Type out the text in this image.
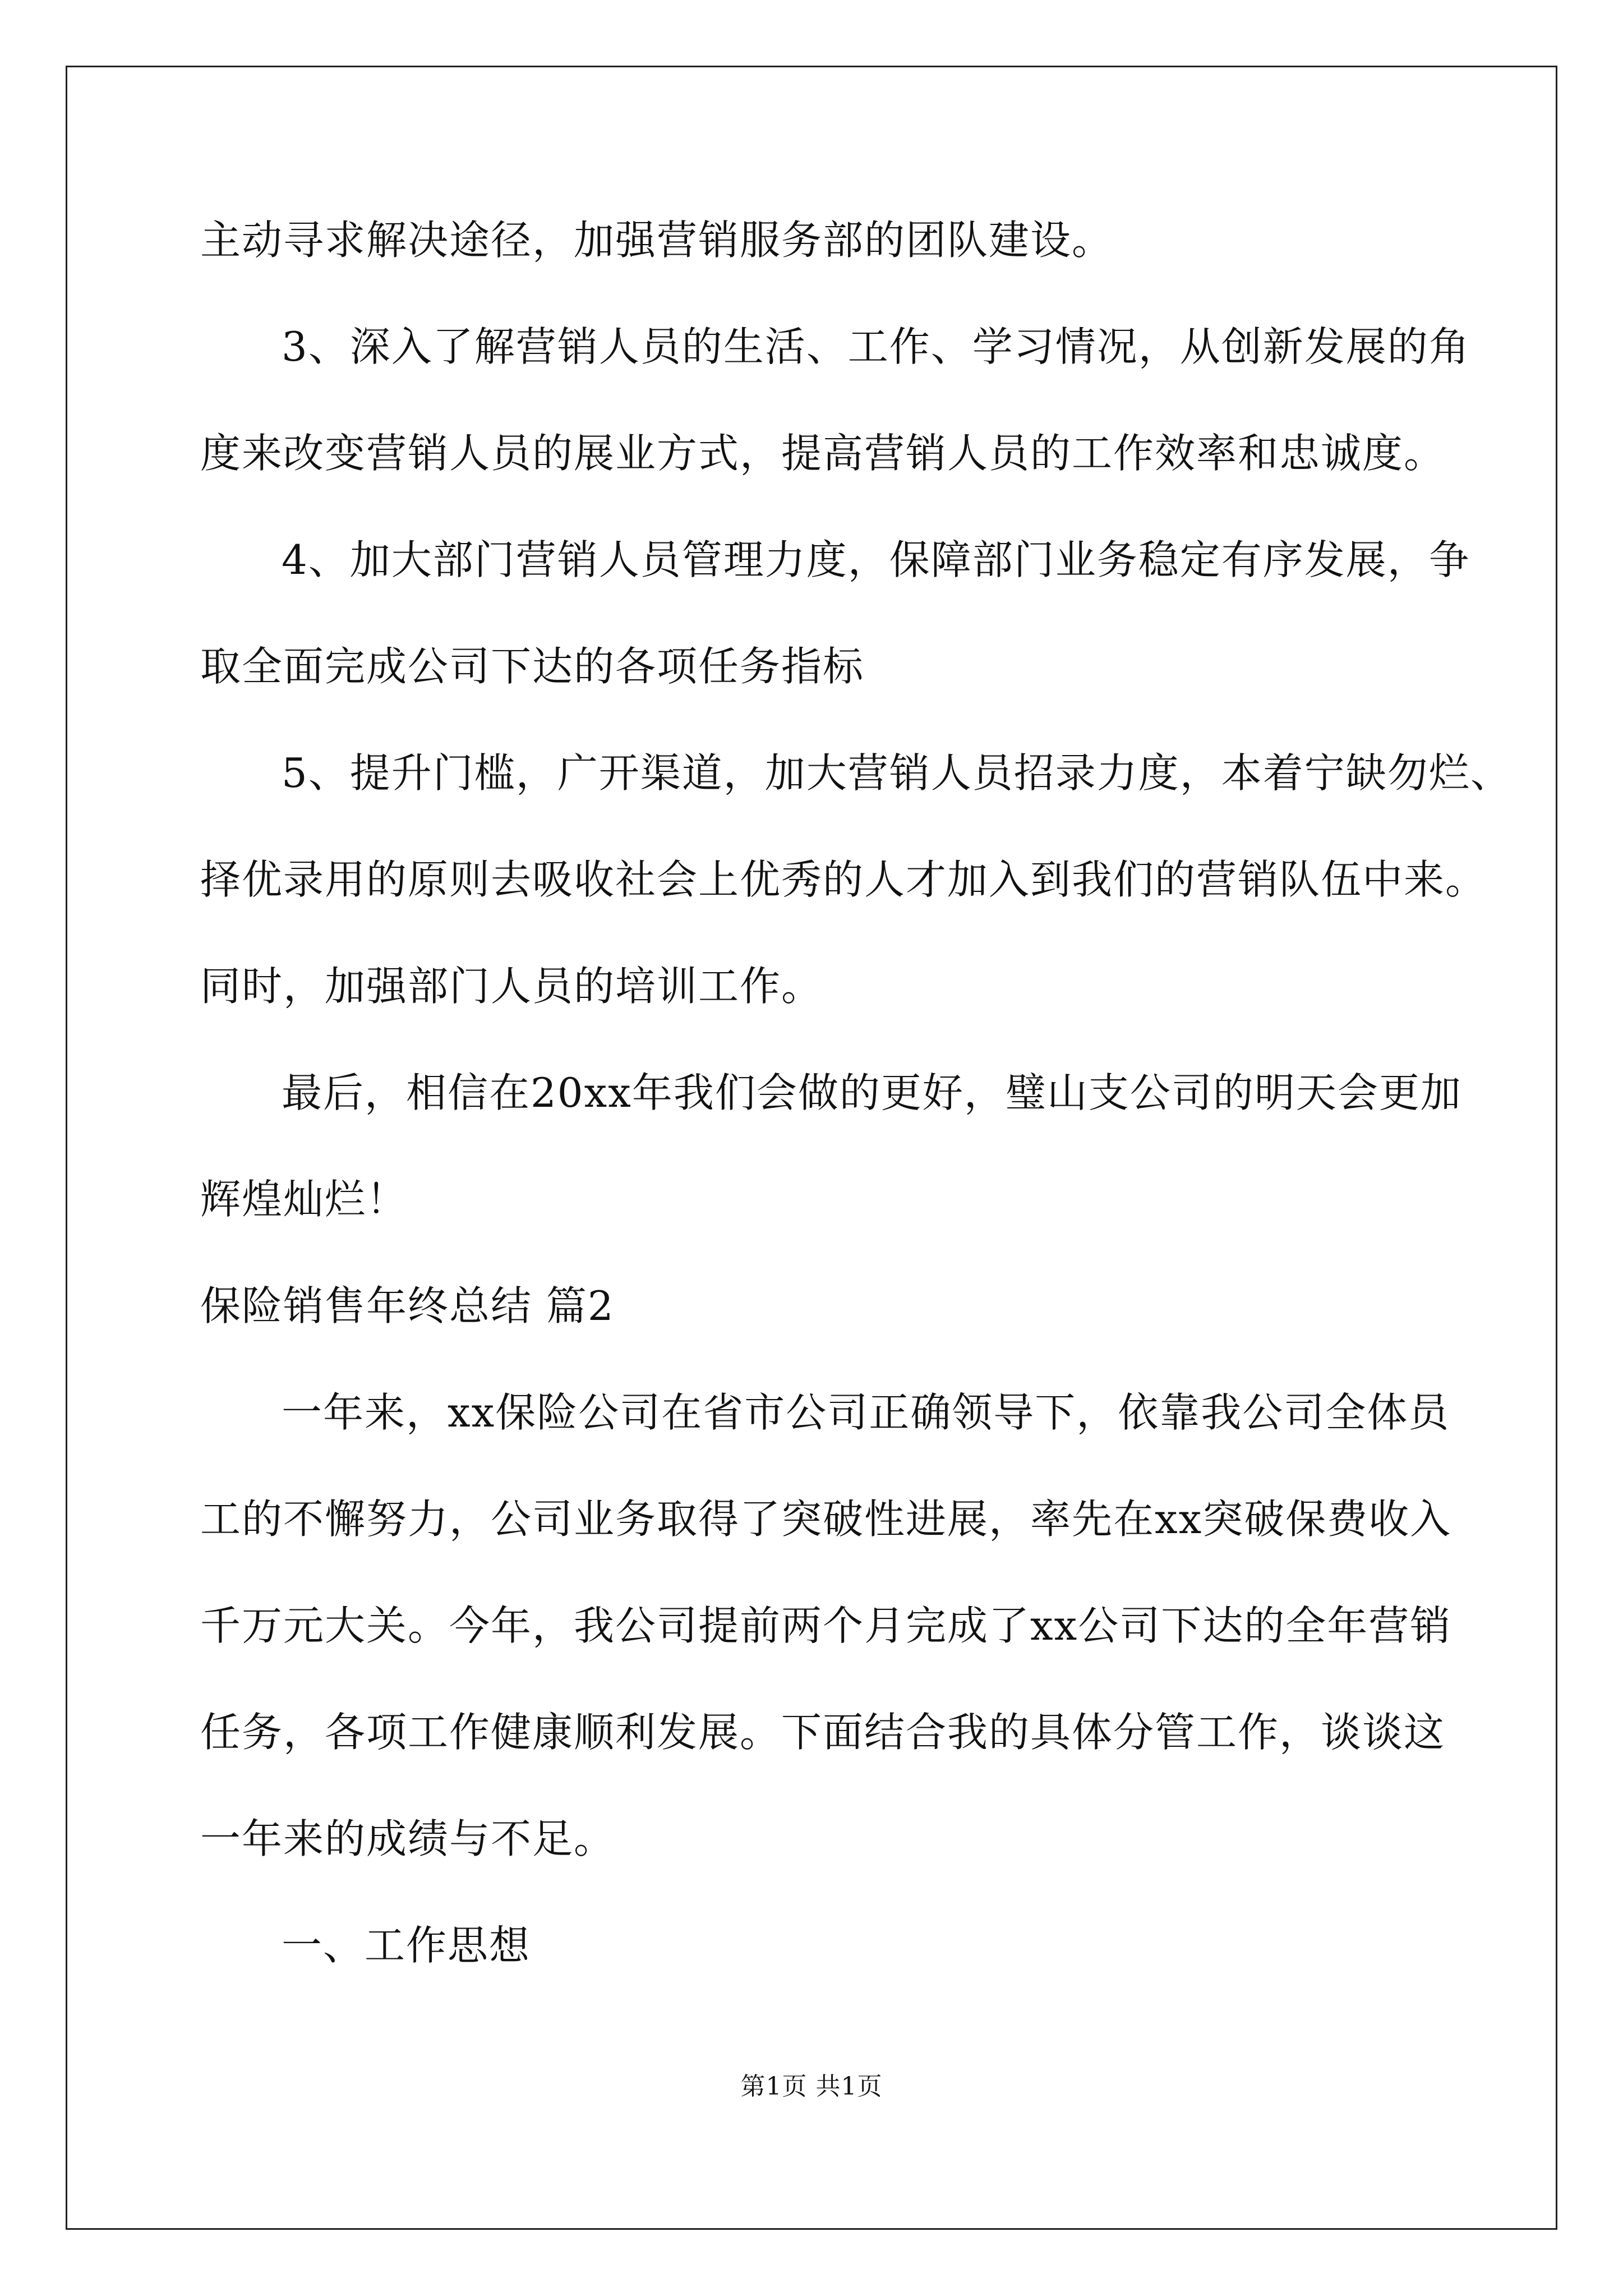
主动寻求解决途径，加强营销服务部的团队建设。
3、深入了解营销人员的生活、工作、学习情况，从创新发展的角
度来改变营销人员的展业方式，提高营销人员的工作效率和忠诚度。
4、加大部门营销人员管理力度，保障部门业务稳定有序发展，争
取全面完成公司下达的各项任务指标
5、提升门槛，广开渠道，加大营销人员招录力度，本着宁缺勿烂、
择优录用的原则去吸收社会上优秀的人才加入到我们的营销队伍中来。
同时，加强部门人员的培训工作。
最后，相信在20xx年我们会做的更好，璧山支公司的明天会更加
辉煌灿烂！
保险销售年终总结 篇2
一年来，xx保险公司在省市公司正确领导下，依靠我公司全体员
工的不懈努力，公司业务取得了突破性进展，率先在xx突破保费收入
千万元大关。今年，我公司提前两个月完成了xx公司下达的全年营销
任务，各项工作健康顺利发展。下面结合我的具体分管工作，谈谈这
一年来的成绩与不足。
一、工作思想
第1页 共1页
